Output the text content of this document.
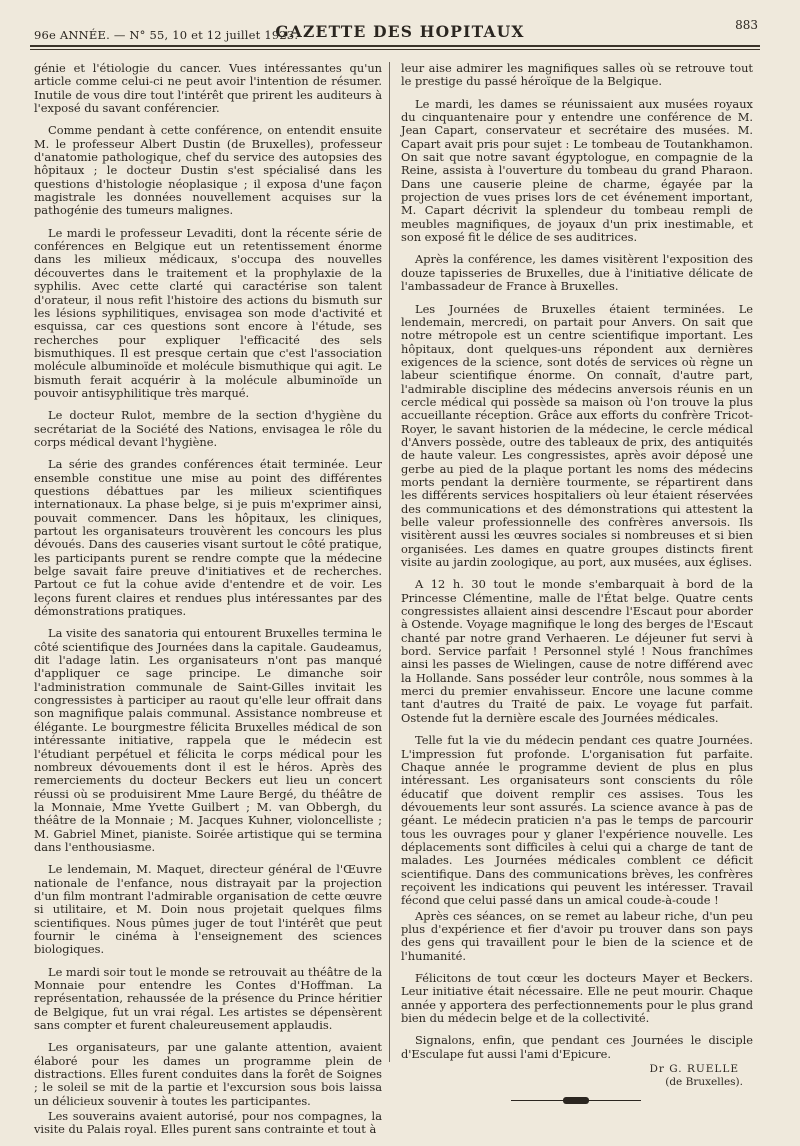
96e ANNÉE. — N° 55, 10 et 12 juillet 1923.
GAZETTE DES HOPITAUX	883

génie et l'étiologie du cancer. Vues intéressantes qu'un article comme celui-ci ne peut avoir l'intention de résumer. Inutile de vous dire tout l'intérêt que prirent les auditeurs à l'exposé du savant conférencier.

Comme pendant à cette conférence, on entendit ensuite M. le professeur Albert Dustin (de Bruxelles), professeur d'anatomie pathologique, chef du service des autopsies des hôpitaux ; le docteur Dustin s'est spécialisé dans les questions d'histologie néoplasique ; il exposa d'une façon magistrale les données nouvellement acquises sur la pathogénie des tumeurs malignes.

Le mardi le professeur Levaditi, dont la récente série de conférences en Belgique eut un retentissement énorme dans les milieux médicaux, s'occupa des nouvelles découvertes dans le traitement et la prophylaxie de la syphilis. Avec cette clarté qui caractérise son talent d'orateur, il nous refit l'histoire des actions du bismuth sur les lésions syphilitiques, envisagea son mode d'activité et esquissa, car ces questions sont encore à l'étude, ses recherches pour expliquer l'efficacité des sels bismuthiques. Il est presque certain que c'est l'association molécule albuminoïde et molécule bismuthique qui agit. Le bismuth ferait acquérir à la molécule albuminoïde un pouvoir antisyphilitique très marqué.

Le docteur Rulot, membre de la section d'hygiène du secrétariat de la Société des Nations, envisagea le rôle du corps médical devant l'hygiène.

La série des grandes conférences était terminée. Leur ensemble constitue une mise au point des différentes questions débattues par les milieux scientifiques internationaux. La phase belge, si je puis m'exprimer ainsi, pouvait commencer. Dans les hôpitaux, les cliniques, partout les organisateurs trouvèrent les concours les plus dévoués. Dans des causeries visant surtout le côté pratique, les participants purent se rendre compte que la médecine belge savait faire preuve d'initiatives et de recherches. Partout ce fut la cohue avide d'entendre et de voir. Les leçons furent claires et rendues plus intéressantes par des démonstrations pratiques.

La visite des sanatoria qui entourent Bruxelles termina le côté scientifique des Journées dans la capitale. Gaudeamus, dit l'adage latin. Les organisateurs n'ont pas manqué d'appliquer ce sage principe. Le dimanche soir l'administration communale de Saint-Gilles invitait les congressistes à participer au raout qu'elle leur offrait dans son magnifique palais communal. Assistance nombreuse et élégante. Le bourgmestre félicita Bruxelles médical de son intéressante initiative, rappela que le médecin est l'étudiant perpétuel et félicita le corps médical pour les nombreux dévouements dont il est le héros. Après des remerciements du docteur Beckers eut lieu un concert réussi où se produisirent Mme Laure Bergé, du théâtre de la Monnaie, Mme Yvette Guilbert ; M. van Obbergh, du théâtre de la Monnaie ; M. Jacques Kuhner, violoncelliste ; M. Gabriel Minet, pianiste. Soirée artistique qui se termina dans l'enthousiasme.

Le lendemain, M. Maquet, directeur général de l'Œuvre nationale de l'enfance, nous distrayait par la projection d'un film montrant l'admirable organisation de cette œuvre si utilitaire, et M. Doin nous projetait quelques films scientifiques. Nous pûmes juger de tout l'intérêt que peut fournir le cinéma à l'enseignement des sciences biologiques.

Le mardi soir tout le monde se retrouvait au théâtre de la Monnaie pour entendre les Contes d'Hoffman. La représentation, rehaussée de la présence du Prince héritier de Belgique, fut un vrai régal. Les artistes se dépensèrent sans compter et furent chaleureusement applaudis.

Les organisateurs, par une galante attention, avaient élaboré pour les dames un programme plein de distractions. Elles furent conduites dans la forêt de Soignes ; le soleil se mit de la partie et l'excursion sous bois laissa un délicieux souvenir à toutes les participantes.

Les souverains avaient autorisé, pour nos compagnes, la visite du Palais royal. Elles purent sans contrainte et tout à

leur aise admirer les magnifiques salles où se retrouve tout le prestige du passé héroïque de la Belgique.

Le mardi, les dames se réunissaient aux musées royaux du cinquantenaire pour y entendre une conférence de M. Jean Capart, conservateur et secrétaire des musées. M. Capart avait pris pour sujet : Le tombeau de Toutankhamon. On sait que notre savant égyptologue, en compagnie de la Reine, assista à l'ouverture du tombeau du grand Pharaon. Dans une causerie pleine de charme, égayée par la projection de vues prises lors de cet événement important, M. Capart décrivit la splendeur du tombeau rempli de meubles magnifiques, de joyaux d'un prix inestimable, et son exposé fit le délice de ses auditrices.

Après la conférence, les dames visitèrent l'exposition des douze tapisseries de Bruxelles, due à l'initiative délicate de l'ambassadeur de France à Bruxelles.

Les Journées de Bruxelles étaient terminées. Le lendemain, mercredi, on partait pour Anvers. On sait que notre métropole est un centre scientifique important. Les hôpitaux, dont quelques-uns répondent aux dernières exigences de la science, sont dotés de services où règne un labeur scientifique énorme. On connaît, d'autre part, l'admirable discipline des médecins anversois réunis en un cercle médical qui possède sa maison où l'on trouve la plus accueillante réception. Grâce aux efforts du confrère Tricot-Royer, le savant historien de la médecine, le cercle médical d'Anvers possède, outre des tableaux de prix, des antiquités de haute valeur. Les congressistes, après avoir déposé une gerbe au pied de la plaque portant les noms des médecins morts pendant la dernière tourmente, se répartirent dans les différents services hospitaliers où leur étaient réservées des communications et des démonstrations qui attestent la belle valeur professionnelle des confrères anversois. Ils visitèrent aussi les œuvres sociales si nombreuses et si bien organisées. Les dames en quatre groupes distincts firent visite au jardin zoologique, au port, aux musées, aux églises.

A 12 h. 30 tout le monde s'embarquait à bord de la Princesse Clémentine, malle de l'État belge. Quatre cents congressistes allaient ainsi descendre l'Escaut pour aborder à Ostende. Voyage magnifique le long des berges de l'Escaut chanté par notre grand Verhaeren. Le déjeuner fut servi à bord. Service parfait ! Personnel stylé ! Nous franchîmes ainsi les passes de Wielingen, cause de notre différend avec la Hollande. Sans posséder leur contrôle, nous sommes à la merci du premier envahisseur. Encore une lacune comme tant d'autres du Traité de paix. Le voyage fut parfait. Ostende fut la dernière escale des Journées médicales.

Telle fut la vie du médecin pendant ces quatre Journées. L'impression fut profonde. L'organisation fut parfaite. Chaque année le programme devient de plus en plus intéressant. Les organisateurs sont conscients du rôle éducatif que doivent remplir ces assises. Tous les dévouements leur sont assurés. La science avance à pas de géant. Le médecin praticien n'a pas le temps de parcourir tous les ouvrages pour y glaner l'expérience nouvelle. Les déplacements sont difficiles à celui qui a charge de tant de malades. Les Journées médicales comblent ce déficit scientifique. Dans des communications brèves, les confrères reçoivent les indications qui peuvent les intéresser. Travail fécond que celui passé dans un amical coude-à-coude !

Après ces séances, on se remet au labeur riche, d'un peu plus d'expérience et fier d'avoir pu trouver dans son pays des gens qui travaillent pour le bien de la science et de l'humanité.

Félicitons de tout cœur les docteurs Mayer et Beckers. Leur initiative était nécessaire. Elle ne peut mourir. Chaque année y apportera des perfectionnements pour le plus grand bien du médecin belge et de la collectivité.

Signalons, enfin, que pendant ces Journées le disciple d'Esculape fut aussi l'ami d'Epicure.

Dr G. RUELLE
(de Bruxelles).
